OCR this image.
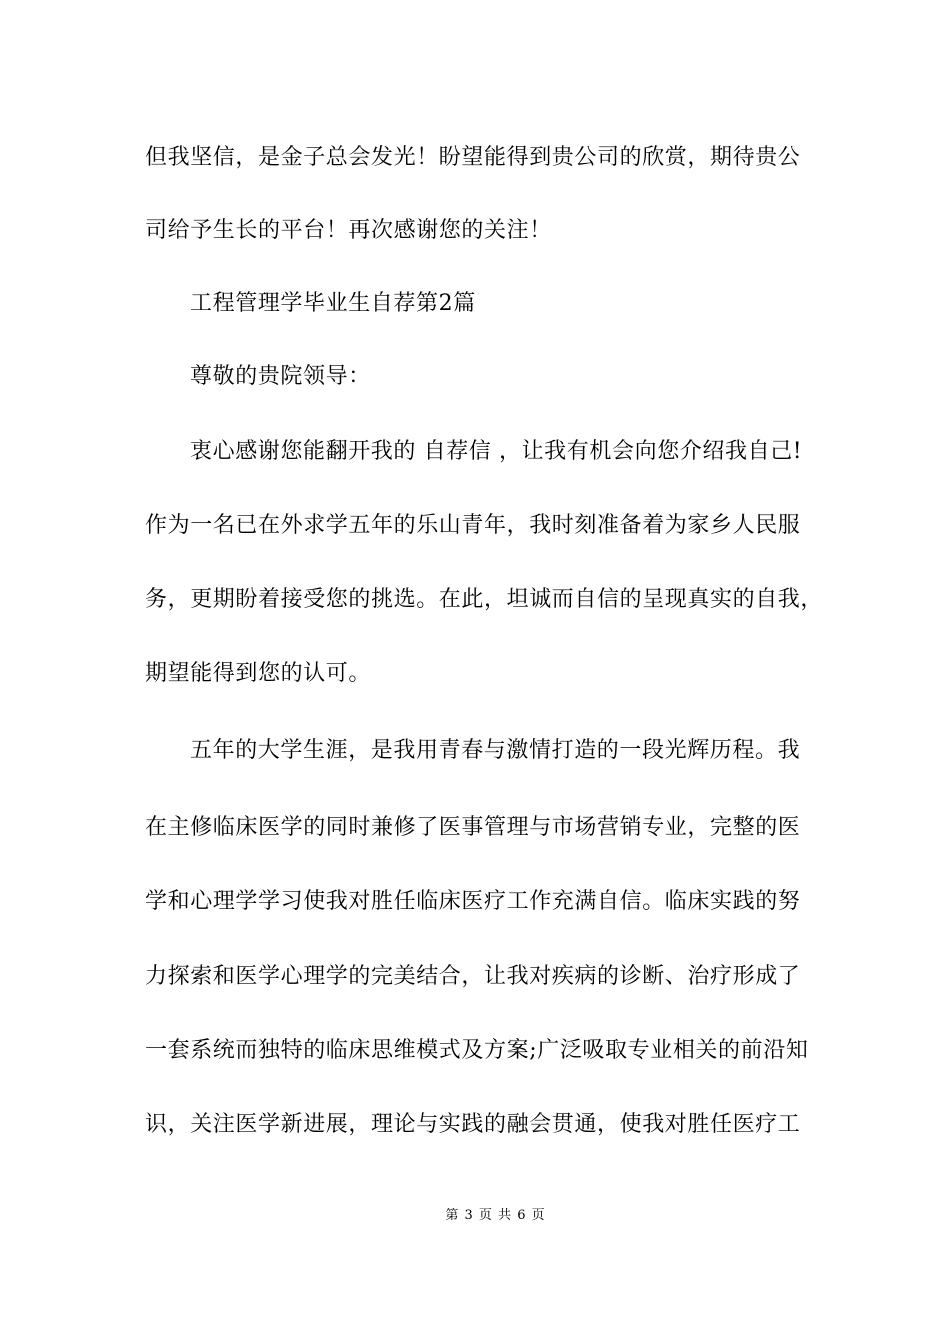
但我坚信，是金子总会发光！盼望能得到贵公司的欣赏，期待贵公
司给予生长的平台！再次感谢您的关注！
工程管理学毕业生自荐第2篇
尊敬的贵院领导：
衷心感谢您能翻开我的 自荐信 ，让我有机会向您介绍我自己!
作为一名已在外求学五年的乐山青年，我时刻准备着为家乡人民服
务，更期盼着接受您的挑选。在此，坦诚而自信的呈现真实的自我，
期望能得到您的认可。
五年的大学生涯，是我用青春与激情打造的一段光辉历程。我
在主修临床医学的同时兼修了医事管理与市场营销专业，完整的医
学和心理学学习使我对胜任临床医疗工作充满自信。临床实践的努
力探索和医学心理学的完美结合，让我对疾病的诊断、治疗形成了
一套系统而独特的临床思维模式及方案;广泛吸取专业相关的前沿知
识，关注医学新进展，理论与实践的融会贯通，使我对胜任医疗工
第 3 页 共 6 页
